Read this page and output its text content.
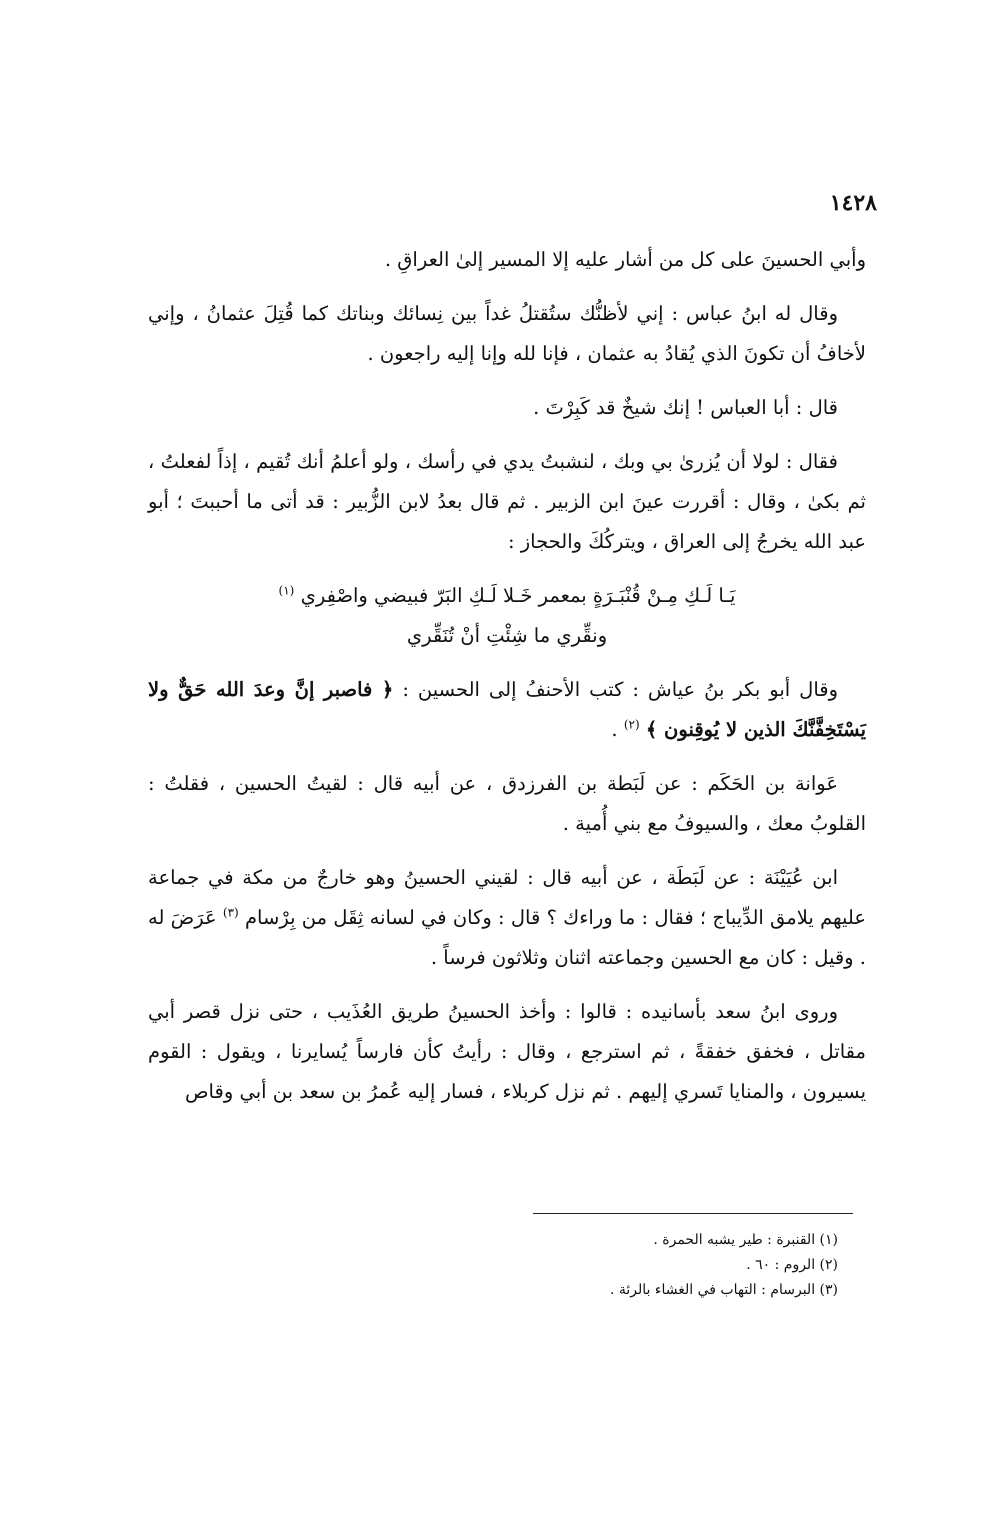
١٤٢٨

وأبي الحسينَ على كل من أشار عليه إلا المسير إلىٰ العراقِ .

وقال له ابنُ عباس : إني لأظنُّك ستُقتلُ غداً بين نِسائك وبناتك كما قُتِلَ عثمانُ ، وإني لأخافُ أن تكونَ الذي يُقادُ به عثمان ، فإنا لله وإنا إليه راجعون .

قال : أبا العباس ! إنك شيخٌ قد كَبِرْتَ .

فقال : لولا أن يُزرىٰ بي وبك ، لنشبتُ يدي في رأسك ، ولو أعلمُ أنك تُقيم ، إذاً لفعلتُ ، ثم بكىٰ ، وقال : أقررت عينَ ابن الزبير . ثم قال بعدُ لابن الزُّبير : قد أتى ما أحببتَ ؛ أبو عبد الله يخرجُ إلى العراق ، ويتركُكَ والحجاز :

يَـا لَـكِ مِـنْ قُنْبَـرَةٍ بمعمر خَـلا لَـكِ البَرّ فبيضي واصْفِري $^{(١)}$
ونقِّري ما شِئْتِ أنْ تُنَقِّري

وقال أبو بكر بنُ عياش : كتب الأحنفُ إلى الحسين : ﴿ فاصبر إنَّ وعدَ الله حَقٌّ ولا يَسْتَخِفَّنَّكَ الذين لا يُوقِنون ﴾ $^{(٢)}$ .

عَوانة بن الحَكَم : عن لَبَطة بن الفرزدق ، عن أبيه قال : لقيتُ الحسين ، فقلتُ : القلوبُ معك ، والسيوفُ مع بني أُمية .

ابن عُيَيْنَة : عن لَبَطَة ، عن أبيه قال : لقيني الحسينُ وهو خارجٌ من مكة في جماعة عليهم يلامق الدِّيباج ؛ فقال : ما وراءك ؟ قال : وكان في لسانه ثِقَل من بِرْسام $^{(٣)}$ عَرَضَ له . وقيل : كان مع الحسين وجماعته اثنان وثلاثون فرساً .

وروى ابنُ سعد بأسانيده : قالوا : وأخذ الحسينُ طريق العُذَيب ، حتى نزل قصر أبي مقاتل ، فخفق خفقةً ، ثم استرجع ، وقال : رأيتُ كأن فارساً يُسايرنا ، ويقول : القوم يسيرون ، والمنايا تَسري إليهم . ثم نزل كربلاء ، فسار إليه عُمرُ بن سعد بن أبي وقاص

(١) القنبرة : طير يشبه الحمرة .
(٢) الروم : ٦٠ .
(٣) البرسام : التهاب في الغشاء بالرئة .
